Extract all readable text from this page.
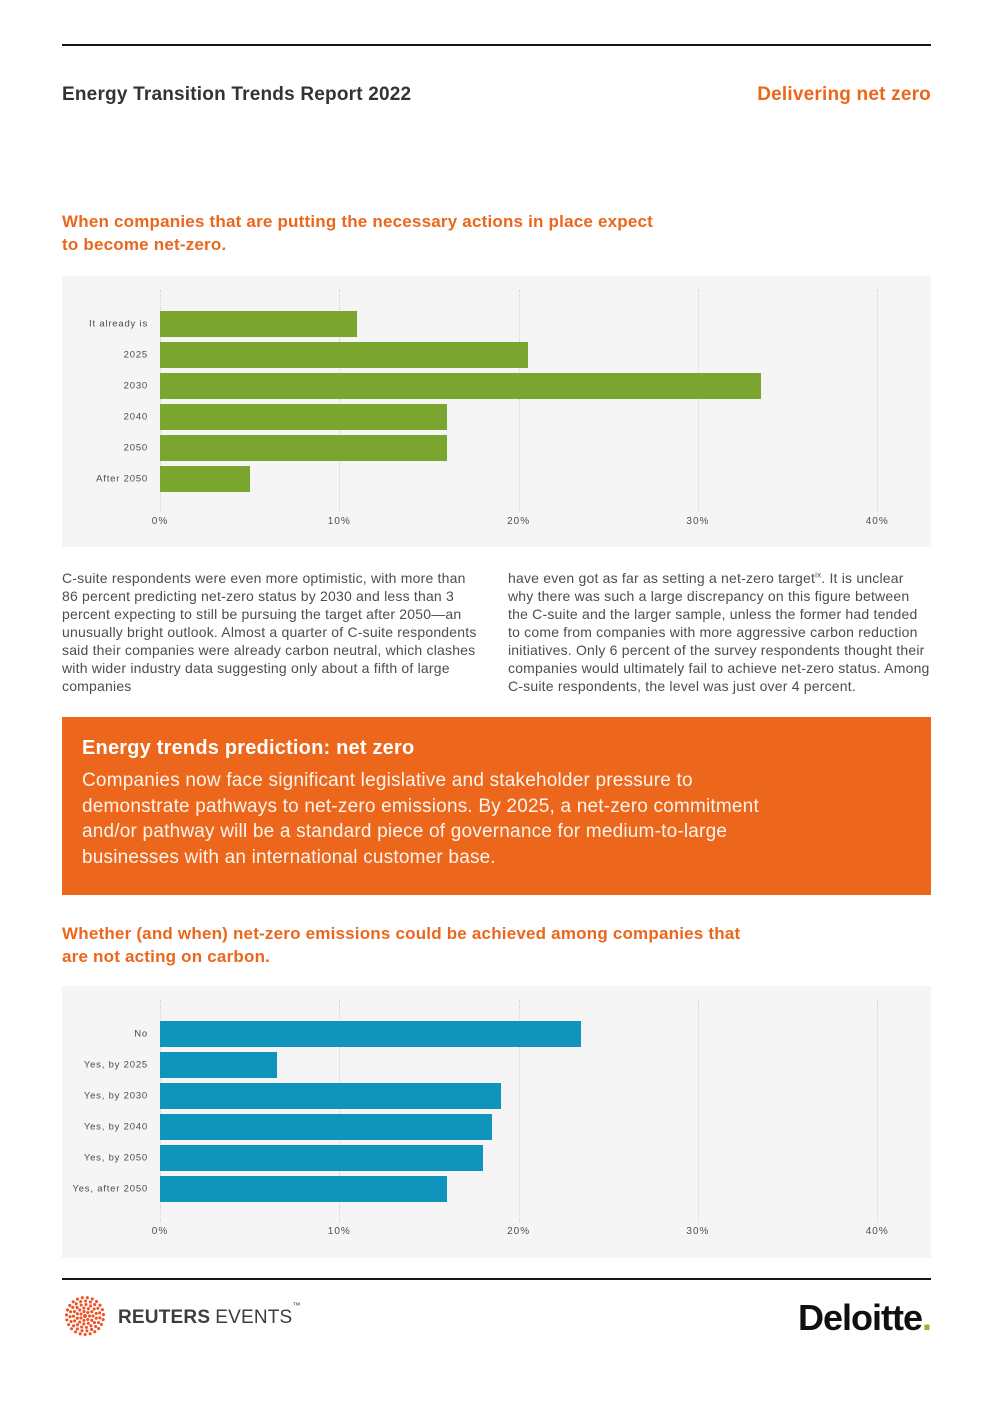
Energy Transition Trends Report 2022	Delivering net zero
When companies that are putting the necessary actions in place expect
to become net-zero.
It already is
2025
2030
2040
2050
After 2050
0%	10%	20%	30%	40%
C-suite respondents were even more optimistic, with more than 86 percent predicting net-zero status by 2030 and less than 3 percent expecting to still be pursuing the target after 2050—an unusually bright outlook. Almost a quarter of C-suite respondents said their companies were already carbon neutral, which clashes with wider industry data suggesting only about a fifth of large companies
have even got as far as setting a net-zero target$^{ix}$. It is unclear why there was such a large discrepancy on this figure between the C-suite and the larger sample, unless the former had tended to come from companies with more aggressive carbon reduction initiatives. Only 6 percent of the survey respondents thought their companies would ultimately fail to achieve net-zero status. Among C-suite respondents, the level was just over 4 percent.
Energy trends prediction: net zero
Companies now face significant legislative and stakeholder pressure to
demonstrate pathways to net-zero emissions. By 2025, a net-zero commitment
and/or pathway will be a standard piece of governance for medium-to-large
businesses with an international customer base.
Whether (and when) net-zero emissions could be achieved among companies that
are not acting on carbon.
No
Yes, by 2025
Yes, by 2030
Yes, by 2040
Yes, by 2050
Yes, after 2050
0%	10%	20%	30%	40%
REUTERS EVENTS™	Deloitte.
